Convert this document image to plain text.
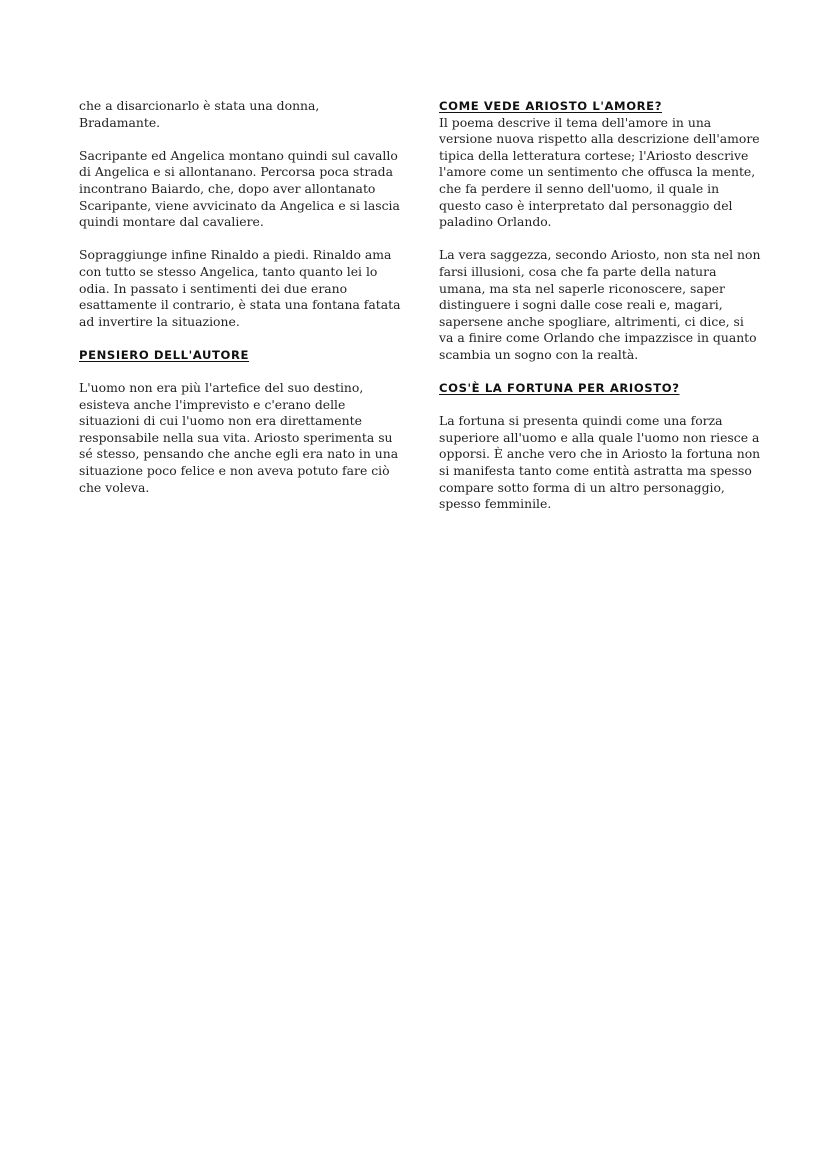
che a disarcionarlo è stata una donna, Bradamante.

Sacripante ed Angelica montano quindi sul cavallo di Angelica e si allontanano. Percorsa poca strada incontrano Baiardo, che, dopo aver allontanato Scaripante, viene avvicinato da Angelica e si lascia quindi montare dal cavaliere.

Sopraggiunge infine Rinaldo a piedi. Rinaldo ama con tutto se stesso Angelica, tanto quanto lei lo odia. In passato i sentimenti dei due erano esattamente il contrario, è stata una fontana fatata ad invertire la situazione.

PENSIERO DELL'AUTORE

L'uomo non era più l'artefice del suo destino, esisteva anche l'imprevisto e c'erano delle situazioni di cui l'uomo non era direttamente responsabile nella sua vita. Ariosto sperimenta su sé stesso, pensando che anche egli era nato in una situazione poco felice e non aveva potuto fare ciò che voleva.

COME VEDE ARIOSTO L'AMORE?

Il poema descrive il tema dell'amore in una versione nuova rispetto alla descrizione dell'amore tipica della letteratura cortese; l'Ariosto descrive l'amore come un sentimento che offusca la mente, che fa perdere il senno dell'uomo, il quale in questo caso è interpretato dal personaggio del paladino Orlando.

La vera saggezza, secondo Ariosto, non sta nel non farsi illusioni, cosa che fa parte della natura umana, ma sta nel saperle riconoscere, saper distinguere i sogni dalle cose reali e, magari, sapersene anche spogliare, altrimenti, ci dice, si va a finire come Orlando che impazzisce in quanto scambia un sogno con la realtà.

COS'È LA FORTUNA PER ARIOSTO?

La fortuna si presenta quindi come una forza superiore all'uomo e alla quale l'uomo non riesce a opporsi. È anche vero che in Ariosto la fortuna non si manifesta tanto come entità astratta ma spesso compare sotto forma di un altro personaggio, spesso femminile.
